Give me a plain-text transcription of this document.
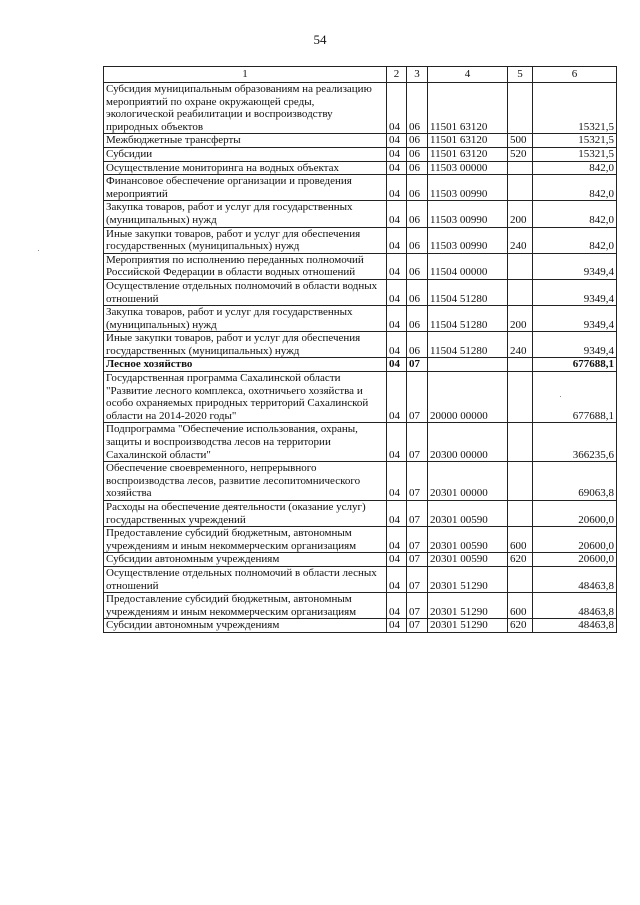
54
1	2	3	4	5	6
Субсидия муниципальным образованиям на реализацию мероприятий по охране окружающей среды, экологической реабилитации и воспроизводству природных объектов	04	06	11501 63120		15321,5
Межбюджетные трансферты	04	06	11501 63120	500	15321,5
Субсидии	04	06	11501 63120	520	15321,5
Осуществление мониторинга на водных объектах	04	06	11503 00000		842,0
Финансовое обеспечение организации и проведения мероприятий	04	06	11503 00990		842,0
Закупка товаров, работ и услуг для государственных (муниципальных) нужд	04	06	11503 00990	200	842,0
Иные закупки товаров, работ и услуг для обеспечения государственных (муниципальных) нужд	04	06	11503 00990	240	842,0
Мероприятия по исполнению переданных полномочий Российской Федерации в области водных отношений	04	06	11504 00000		9349,4
Осуществление отдельных полномочий в области водных отношений	04	06	11504 51280		9349,4
Закупка товаров, работ и услуг для государственных (муниципальных) нужд	04	06	11504 51280	200	9349,4
Иные закупки товаров, работ и услуг для обеспечения государственных (муниципальных) нужд	04	06	11504 51280	240	9349,4
Лесное хозяйство	04	07			677688,1
Государственная программа Сахалинской области "Развитие лесного комплекса, охотничьего хозяйства и особо охраняемых природных территорий Сахалинской области на 2014-2020 годы"	04	07	20000 00000		677688,1
Подпрограмма "Обеспечение использования, охраны, защиты и воспроизводства лесов на территории Сахалинской области"	04	07	20300 00000		366235,6
Обеспечение своевременного, непрерывного воспроизводства лесов, развитие лесопитомнического хозяйства	04	07	20301 00000		69063,8
Расходы на обеспечение деятельности (оказание услуг) государственных учреждений	04	07	20301 00590		20600,0
Предоставление субсидий бюджетным, автономным учреждениям и иным некоммерческим организациям	04	07	20301 00590	600	20600,0
Субсидии автономным учреждениям	04	07	20301 00590	620	20600,0
Осуществление отдельных полномочий в области лесных отношений	04	07	20301 51290		48463,8
Предоставление субсидий бюджетным, автономным учреждениям и иным некоммерческим организациям	04	07	20301 51290	600	48463,8
Субсидии автономным учреждениям	04	07	20301 51290	620	48463,8
